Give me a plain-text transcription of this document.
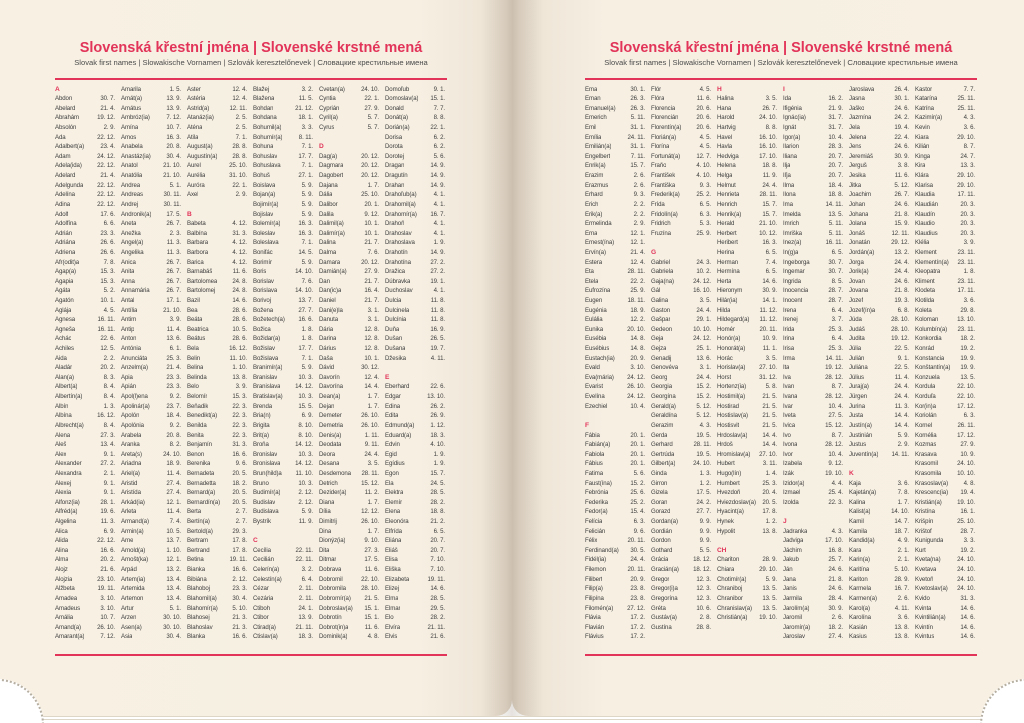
Slovenská křestní jména | Slovenské krstné mená

Slovak first names | Slowakische Vornamen | Szlovák keresztelőnevek | Словацкие крестильные имена

A
Abdon	30. 7.
Abelard	21. 4.
Abrahám	19. 12.
Absolón	2. 9.
Ada	22. 12.
Adalbert(a)	23. 4.
Adam	24. 12.
Adela(ida)	22. 12.
Adelard	21. 4.
Adelgunda	22. 12.
Adelína	22. 12.
Adina	22. 12.
Adolf	17. 6.
Adolfína	6. 6.
Adrián	23. 3.
Adriána	26. 6.
Adriena	26. 6.
Afr(odit)a	7. 8.
Agap(a)	15. 3.
Agapia	15. 3.
Agáta	5. 2.
Agatón	10. 1.
Aglája	4. 5.
Agnesa	16. 11.
Agneša	16. 11.
Achác	22. 6.
Achiles	12. 5.
Aida	2. 2.
Aladár	20. 2.
Alan(a)	8. 3.
Albert(a)	8. 4.
Albertín(a)	8. 4.
Albín	1. 3.
Albína	16. 12.
Albrecht(a)	8. 4.
Alena	27. 3.
Aleš	13. 4.
Alex	9. 1.
Alexander	27. 2.
Alexandra	2. 1.
Alexej	9. 1.
Alexia	9. 1.
Alfonz(ia)	28. 1.
Alfréd(a)	19. 6.
Algelina	11. 3.
Alica	6. 9.
Alida	22. 12.
Alina	16. 6.
Alma	20. 2.
Alojz	21. 6.
Alojzia	23. 10.
Alžbeta	19. 11.
Amadea	3. 10.
Amadeus	3. 10.
Amália	10. 7.
Amand(a)	26. 10.
Amarant(a)	7. 12.
Amarila	1. 5.
Amát(a)	13. 9.
Amátus	13. 9.
Ambróz(ia)	7. 12.
Amína	10. 7.
Amos	16. 3.
Anabela	20. 8.
Anastáz(ia)	30. 4.
Anatol	21. 10.
Anatólia	21. 10.
Andrea	5. 1.
Andreas	30. 11.
Andrej	30. 11.
Andronik(a)	17. 5.
Aneta	26. 7.
Anežka	2. 3.
Angel(a)	11. 3.
Angelika	11. 3.
Anica	26. 7.
Anita	26. 7.
Anna	26. 7.
Annamária	26. 7.
Antal	17. 1.
Antília	21. 10.
Antim	3. 9.
Antip	11. 4.
Anton	13. 6.
Antónia	6. 1.
Anunciáta	25. 3.
Anzelm(a)	21. 4.
Apia	23. 3.
Apián	23. 3.
Apol(l)ena	9. 2.
Apolinár(a)	23. 7.
Apolón	18. 4.
Apolónia	9. 2.
Arabela	20. 8.
Aranka	8. 2.
Areta(s)	24. 10.
Ariadna	18. 9.
Ariel(a)	11. 4.
Aristid	27. 4.
Aristída	27. 4.
Arkád(ia)	12. 1.
Arleta	11. 4.
Armand(a)	7. 4.
Armin(a)	10. 5.
Arne	13. 7.
Arnold(a)	1. 10.
Arnošt(ka)	12. 1.
Arpád	13. 2.
Artem(ia)	13. 4.
Artemida	13. 4.
Artemon	13. 4.
Artur	5. 1.
Arzen	30. 10.
Asen(a)	30. 10.
Asia	30. 4.
Aster	12. 4.
Astéria	12. 4.
Astrid(a)	12. 11.
Atanáz(ia)	2. 5.
Aténa	2. 5.
Atila	7. 1.
August(a)	28. 8.
Augustín(a)	28. 8.
Aurel	25. 10.
Aurélia	31. 10.
Auróra	22. 1.
Axel	2. 9.
B
Babeta	4. 12.
Balbína	31. 3.
Barbara	4. 12.
Barbora	4. 12.
Barica	4. 12.
Barnabáš	11. 6.
Bartolomea	24. 8.
Bartolomej	24. 8.
Bazil	14. 6.
Bea	28. 6.
Beáta	28. 6.
Beatrica	10. 5.
Beátus	28. 6.
Bela	16. 12.
Belin	11. 10.
Belina	1. 10.
Belinda	13. 8.
Belo	3. 9.
Belomír	15. 3.
Beňadik	22. 3.
Benedikt(a)	22. 3.
Benilda	22. 3.
Benita	22. 3.
Benjamín	31. 3.
Benon	16. 6.
Berenika	9. 6.
Bernadeta	20. 5.
Bernadetta	18. 2.
Bernard(a)	20. 5.
Bernardín(a)	20. 5.
Berta	2. 7.
Bertín(a)	2. 7.
Bertold(a)	29. 3.
Bertram	17. 8.
Bertrand	17. 8.
Betina	19. 11.
Bianka	16. 6.
Bibiána	2. 12.
Blahoboj	23. 3.
Blahomil(a)	30. 4.
Blahomír(a)	5. 10.
Blahosej	21. 3.
Blahoslav	21. 3.
Blanka	16. 6.
Blažej	3. 2.
Blažena	11. 5.
Bohdan	21. 12.
Bohdana	18. 1.
Bohumil(a)	3. 3.
Bohumír(a)	8. 11.
Bohuna	7. 1.
Bohuslav	17. 7.
Bohuslava	7. 1.
Bohuš	27. 1.
Boislava	5. 9.
Bojan(a)	5. 9.
Bojimír(a)	5. 9.
Bojislav	5. 9.
Bolemír(a)	16. 3.
Boleslav	16. 3.
Boleslava	7. 1.
Bonifác	14. 5.
Borimír	5. 9.
Boris	14. 10.
Borislav	7. 6.
Borislava	14. 10.
Borivoj	13. 7.
Božena	27. 7.
Božetech(a)	16. 6.
Božica	1. 8.
Božidar(a)	1. 8.
Božislav	17. 7.
Božislava	7. 1.
Branimír(a)	5. 9.
Branislav	10. 3.
Branislava	14. 12.
Bratislav(a)	10. 3.
Brenda	15. 5.
Bria(n)	6. 9.
Brigita	8. 10.
Brit(a)	8. 10.
Broňa	14. 12.
Bronislav	10. 3.
Bronislava	14. 12.
Brun(hild)a	11. 10.
Bruno	10. 3.
Budimír(a)	2. 12.
Budislav	2. 12.
Budislava	5. 9.
Bystrík	11. 9.
C
Cecília	22. 11.
Cecilián	22. 11.
Celerín(a)	3. 2.
Celestín(a)	6. 4.
Cézar	2. 11.
Cezária	2. 11.
Ctiboh	24. 1.
Ctibor	13. 9.
Ctirad(a)	21. 11.
Ctislav(a)	18. 3.
Cvetan(a)	24. 10.
Cyntia	22. 1.
Cyprián	27. 9.
Cyril(a)	5. 7.
Cyrus	5. 7.
D
Dag(a)	20. 12.
Dagmara	20. 12.
Dagobert	20. 12.
Dajana	1. 7.
Dália	25. 10.
Dalibor	20. 1.
Dalila	9. 12.
Dalimil(a)	10. 1.
Dalimír(a)	10. 1.
Dalina	21. 7.
Dalma	7. 6.
Damara	20. 12.
Damián(a)	27. 9.
Dan	21. 7.
Dan(ic)a	16. 4.
Daniel	21. 7.
Dani(e)la	3. 1.
Danuta	3. 1.
Dária	12. 8.
Darina	12. 8.
Dárius	12. 8.
Daša	10. 1.
Dávid	30. 12.
Davorín	12. 4.
Davorína	14. 4.
Dean(a)	1. 7.
Dejan	1. 7.
Demeter	26. 10.
Demetria	26. 10.
Denis(a)	1. 11.
Deodata	9. 11.
Deora	24. 4.
Desana	3. 5.
Desdemona	28. 11.
Detrich	15. 12.
Dezider(a)	11. 2.
Diana	1. 7.
Dília	12. 12.
Dimitrij	26. 10.
Dina	1. 7.
Dionýz(ia)	9. 10.
Dita	27. 3.
Ditmar	17. 5.
Dobrava	11. 6.
Dobromil	22. 10.
Dobromila	28. 10.
Dobromír(a)	21. 5.
Dobroslav(a)	15. 1.
Dobrotín	15. 1.
Dobrot(in)a	11. 6.
Dominik(a)	4. 8.
Domoľub	9. 1.
Domoslav(a)	15. 1.
Donald	7. 7.
Donát(a)	8. 8.
Dorián(a)	22. 1.
Dorisa	6. 2.
Dorota	6. 2.
Dorotej	5. 6.
Dragan	14. 9.
Dragutín	14. 9.
Drahan	14. 9.
Drahoľub(a)	4. 1.
Drahomil(a)	4. 1.
Drahomír(a)	16. 7.
Drahoň	4. 1.
Drahoslav	4. 1.
Drahoslava	1. 9.
Drahotín	14. 9.
Drahotína	27. 2.
Dražica	27. 2.
Dúbravka	19. 1.
Duchoslav	4. 1.
Dulcia	11. 8.
Dulcinela	11. 8.
Dulcínia	11. 8.
Duňa	16. 9.
Dušan	26. 5.
Dušana	19. 7.
Džesika	4. 11.
E
Eberhard	22. 6.
Edgar	13. 10.
Edina	26. 2.
Edita	26. 9.
Edmund(a)	1. 12.
Eduard(a)	18. 3.
Edvin	4. 10.
Egid	1. 9.
Egídius	1. 9.
Egon	15. 7.
Ela	24. 5.
Elektra	28. 5.
Elemír	28. 2.
Elena	18. 8.
Eleonóra	21. 2.
Elfrída	6. 5.
Eliána	20. 7.
Eliáš	20. 7.
Elisa	7. 10.
Eliška	7. 10.
Elizabeta	19. 11.
Elizej	14. 6.
Elma	28. 5.
Elmar	29. 5.
Elo	28. 2.
Elvíra	21. 11.
Elvis	21. 6.

Slovenská křestní jména | Slovenské krstné mená

Slovak first names | Slowakische Vornamen | Szlovák keresztelőnevek | Словацкие крестильные имена

Ema	30. 1.
Eman	26. 3.
Emanuel(a)	26. 3.
Emerich	5. 11.
Emil	31. 1.
Emília	24. 11.
Emilián(a)	31. 1.
Engelbert	7. 11.
Enrik(a)	15. 7.
Erazim	2. 6.
Erazmus	2. 6.
Erhard	9. 3.
Erich	2. 2.
Erik(a)	2. 2.
Ermelinda	2. 9.
Erna	12. 1.
Ernest(ína)	12. 1.
Ervín(a)	21. 4.
Estera	12. 4.
Eta	28. 11.
Etela	22. 2.
Eufrozína	25. 9.
Eugen	18. 11.
Eugénia	18. 9.
Eulália	12. 2.
Eunika	20. 10.
Eusébia	14. 8.
Eusébius	14. 8.
Eustach(ia)	20. 9.
Evald	3. 10.
Eva(mária)	24. 12.
Evarist	26. 10.
Evelína	24. 12.
Ezechiel	10. 4.
F
Fábia	20. 1.
Fabián(a)	20. 1.
Fabiola	20. 1.
Fábius	20. 1.
Fatima	5. 6.
Faust(ína)	15. 2.
Febrónia	25. 6.
Federika	25. 2.
Fedor(a)	15. 4.
Felícia	6. 3.
Felicián	9. 6.
Félix	20. 11.
Ferdinand(a)	30. 5.
Fidél(ia)	24. 4.
Filemon	20. 11.
Filibert	20. 9.
Filip(a)	23. 8.
Filipína	23. 8.
Filomén(a)	27. 12.
Flávia	17. 2.
Flavián	17. 2.
Flávius	17. 2.
Flór	4. 5.
Flóra	11. 6.
Florencia	20. 6.
Florencián	20. 6.
Florentín(a)	20. 6.
Florián(a)	4. 5.
Florína	4. 5.
Fortunát(a)	12. 7.
Fraňo	4. 10.
František	4. 10.
Františka	9. 3.
Frederik(a)	25. 2.
Frída	6. 5.
Fridolín(a)	6. 3.
Fridrich	5. 3.
Fruzína	25. 9.
G
Gabriel	24. 3.
Gabriela	10. 2.
Gaja(na)	24. 12.
Gál	16. 10.
Galina	3. 5.
Gaston	24. 4.
Gašpar	29. 1.
Gedeon	10. 10.
Geja	24. 12.
Gejza	25. 1.
Genadij	13. 6.
Genovéva	3. 1.
Georg	24. 4.
Georgia	15. 2.
Georgína	15. 2.
Gerald(a)	5. 12.
Geraldína	5. 12.
Gerazim	4. 3.
Gerda	19. 5.
Gerhard	28. 11.
Gertrúda	19. 5.
Gilbert(a)	24. 10.
Ginda	1. 3.
Girron	1. 2.
Gizela	17. 5.
Goran	24. 2.
Gorazd	27. 7.
Gordan(a)	9. 9.
Gordián	9. 9.
Gordon	9. 9.
Gothard	5. 5.
Grácia	18. 12.
Gracián(a)	18. 12.
Gregor	12. 3.
Gregor(i)a	12. 3.
Gregorína	12. 3.
Gréta	10. 6.
Gustáv(a)	2. 8.
Gustína	28. 8.
H
Halina	3. 5.
Hana	26. 7.
Harold	24. 10.
Hartvig	8. 8.
Havel	16. 10.
Havla	16. 10.
Hedviga	17. 10.
Helena	18. 8.
Helga	11. 9.
Helmut	24. 4.
Henrieta	28. 11.
Henrich	15. 7.
Henrik(a)	15. 7.
Herald	21. 10.
Herbert	10. 12.
Heribert	16. 3.
Herina	6. 5.
Herman	7. 4.
Hermína	6. 5.
Herta	14. 6.
Hieronym	30. 9.
Hilár(ia)	14. 1.
Hilda	11. 12.
Hildegard(a)	11. 12.
Homér	20. 11.
Honór(a)	10. 9.
Honorát(a)	11. 1.
Horác	3. 5.
Horislav(a)	27. 10.
Horst	31. 12.
Hortenz(ia)	5. 8.
Hostimil(a)	21. 5.
Hostirad	21. 5.
Hostislav(a)	21. 5.
Hostisvit	21. 5.
Hrdoslav(a)	14. 4.
Hrdoš	14. 4.
Hromislav(a)	27. 10.
Hubert	3. 11.
Hugo(lín)	1. 4.
Humbert	25. 3.
Hvezdoň	20. 4.
Hviezdoslav(a)	20. 5.
Hyacint(a)	17. 8.
Hynek	1. 2.
Hypolit	13. 8.
CH
Chariton	28. 9.
Chiara	29. 10.
Chotimír(a)	5. 9.
Chraniboj	13. 5.
Chranibor	13. 5.
Chranislav(a)	13. 5.
Christián(a)	19. 10.
I
Ida	16. 2.
Ifigénia	21. 9.
Ignác(ia)	31. 7.
Ignát	31. 7.
Igor(a)	10. 4.
Ilarion	28. 3.
Iliana	20. 7.
Ilja	20. 7.
Iľja	20. 7.
Ilma	18. 4.
Ilona	18. 8.
Ima	14. 11.
Imelda	13. 5.
Imrich	5. 11.
Imriška	5. 11.
Inez(a)	16. 11.
In(g)a	6. 5.
Ingeborga	30. 7.
Ingemar	30. 7.
Ingrida	8. 5.
Inocencia	28. 7.
Inocent	28. 7.
Irena	6. 4.
Irenej	3. 7.
Irida	25. 3.
Irina	6. 4.
Irisa	25. 3.
Irma	14. 11.
Ita	19. 12.
Iva	28. 12.
Ivan	8. 7.
Ivana	28. 12.
Ivar	10. 4.
Iveta	27. 5.
Ivica	15. 12.
Ivo	8. 7.
Ivona	28. 12.
Ivor	10. 4.
Izabela	9. 12.
Izák	19. 10.
Izidor(a)	4. 4.
Izmael	25. 4.
Izolda	22. 3.
J
Jadranka	4. 3.
Jadviga	17. 10.
Jáchim	16. 8.
Jakub	25. 7.
Ján	24. 6.
Jana	21. 8.
Janis	24. 6.
Jarmila	28. 4.
Jarolím(a)	30. 9.
Jaromil	2. 6.
Jaromír(a)	18. 2.
Jaroslav	27. 4.
Jaroslava	26. 4.
Jasna	30. 1.
Jaško	24. 6.
Jazmína	24. 2.
Jela	19. 4.
Jelena	22. 4.
Jens	24. 6.
Jeremiáš	30. 9.
Jerguš	3. 8.
Jesika	11. 6.
Jitka	5. 12.
Joachim	26. 7.
Johan	24. 6.
Johana	21. 8.
Jolana	15. 9.
Jonáš	12. 11.
Jonatán	29. 12.
Jordán(a)	13. 2.
Jorga	24. 4.
Jorik(a)	24. 4.
Jovan	24. 6.
Jovana	21. 8.
Jozef	19. 3.
Jozef(ín)a	6. 8.
Júda	28. 10.
Judáš	28. 10.
Judita	19. 12.
Júlia	22. 5.
Julián	9. 1.
Juliána	22. 5.
Július	11. 4.
Juraj(a)	24. 4.
Jürgen	24. 4.
Jurina	11. 3.
Justa	14. 4.
Justín(a)	14. 4.
Justinián	5. 9.
Justus	2. 9.
Juventín(a)	14. 11.
K
Kaja	3. 6.
Kajetán(a)	7. 8.
Kalina	1. 7.
Kalist(a)	14. 10.
Kamil	14. 7.
Kamila	18. 7.
Kandid(a)	4. 9.
Kara	2. 1.
Karin(a)	2. 1.
Karitína	5. 10.
Kariton	28. 9.
Karmela	16. 7.
Karmen(a)	2. 6.
Karol(a)	4. 11.
Karolína	3. 6.
Kasián	13. 8.
Kasius	13. 8.
Kastor	7. 7.
Katarína	25. 11.
Katrína	25. 11.
Kazimír(a)	4. 3.
Kevin	3. 6.
Kiara	29. 10.
Kilián	8. 7.
Kinga	24. 7.
Kira	13. 3.
Klára	29. 10.
Klarisa	29. 10.
Klaudia	17. 11.
Klaudián	20. 3.
Klaudín	20. 3.
Klaudio	20. 3.
Klaudius	20. 3.
Klélia	3. 9.
Klement	23. 11.
Klementín(a)	23. 11.
Kleopatra	1. 8.
Kliment	23. 11.
Klodeta	17. 11.
Klotilda	3. 6.
Koleta	29. 8.
Koloman	13. 10.
Kolumbín(a)	23. 11.
Konkordia	18. 2.
Konrád	19. 2.
Konstancia	19. 9.
Konštantín(a)	19. 9.
Konzuela	13. 5.
Kordula	22. 10.
Korduľa	22. 10.
Kor(in)a	17. 12.
Koriolán	6. 3.
Kornel	26. 11.
Kornélia	17. 12.
Kozmas	27. 9.
Krasava	10. 9.
Krasomil	24. 10.
Krasomila	10. 10.
Krasoslav(a)	4. 8.
Krescenc(ia)	19. 4.
Kristián(a)	19. 10.
Kristína	16. 1.
Krišpín	25. 10.
Krištof	28. 7.
Kunigunda	3. 3.
Kurt	19. 2.
Kveta(na)	24. 10.
Kvetava	24. 10.
Kvetoň	24. 10.
Kvetoslav(a)	24. 10.
Kvido	31. 3.
Kvinta	14. 6.
Kvintilián(a)	14. 6.
Kvintín	14. 6.
Kvintus	14. 6.
